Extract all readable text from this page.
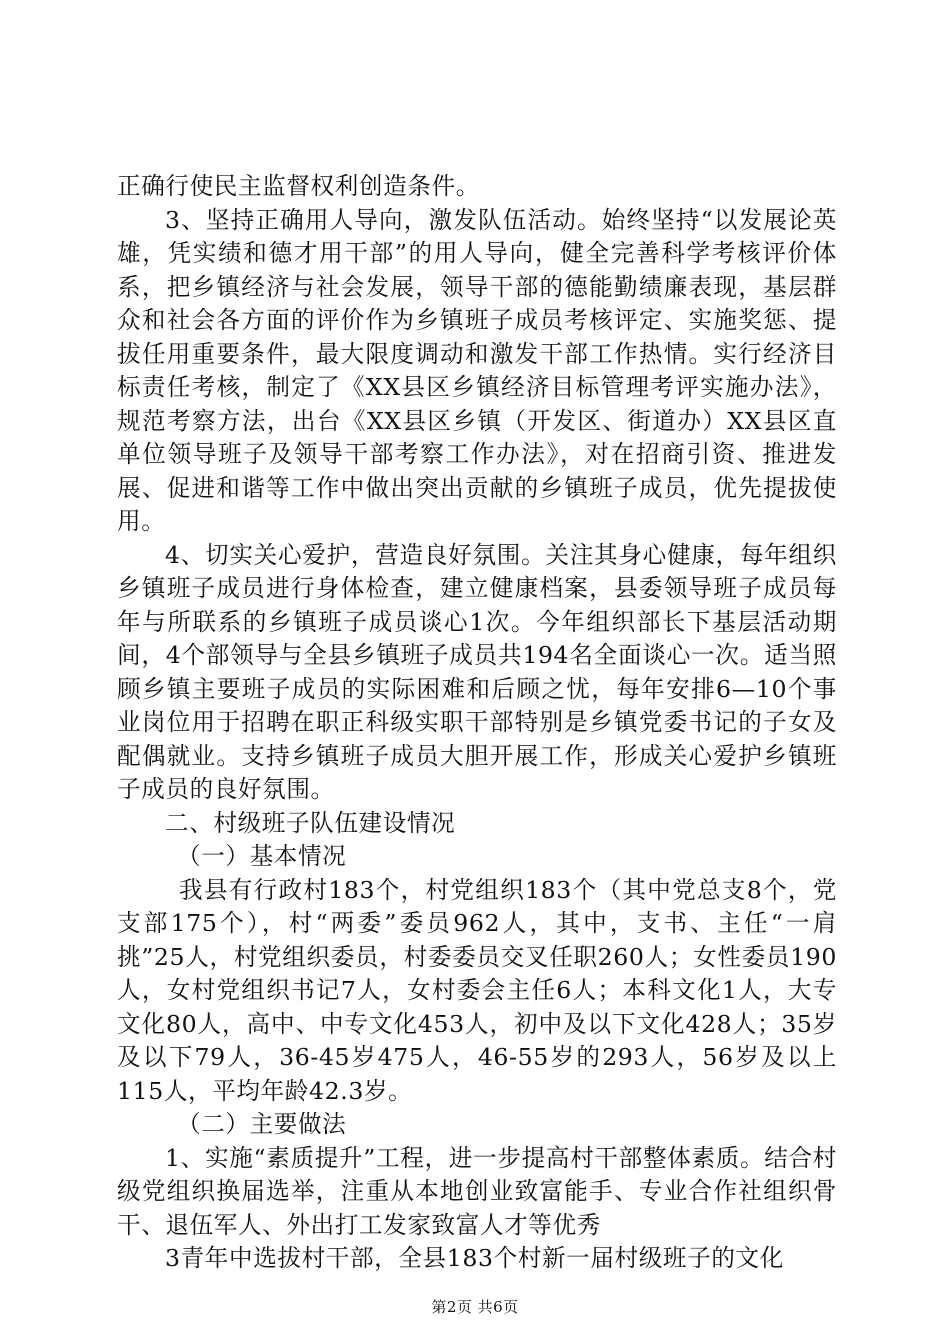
正确行使民主监督权利创造条件。

3、坚持正确用人导向，激发队伍活动。始终坚持“以发展论英雄，凭实绩和德才用干部”的用人导向，健全完善科学考核评价体系，把乡镇经济与社会发展，领导干部的德能勤绩廉表现，基层群众和社会各方面的评价作为乡镇班子成员考核评定、实施奖惩、提拔任用重要条件，最大限度调动和激发干部工作热情。实行经济目标责任考核，制定了《XX县区乡镇经济目标管理考评实施办法》，规范考察方法，出台《XX县区乡镇（开发区、街道办）XX县区直单位领导班子及领导干部考察工作办法》，对在招商引资、推进发展、促进和谐等工作中做出突出贡献的乡镇班子成员，优先提拔使用。

4、切实关心爱护，营造良好氛围。关注其身心健康，每年组织乡镇班子成员进行身体检查，建立健康档案，县委领导班子成员每年与所联系的乡镇班子成员谈心1次。今年组织部长下基层活动期间，4个部领导与全县乡镇班子成员共194名全面谈心一次。适当照顾乡镇主要班子成员的实际困难和后顾之忧，每年安排6—10个事业岗位用于招聘在职正科级实职干部特别是乡镇党委书记的子女及配偶就业。支持乡镇班子成员大胆开展工作，形成关心爱护乡镇班子成员的良好氛围。

二、村级班子队伍建设情况

（一）基本情况

我县有行政村183个，村党组织183个（其中党总支8个，党支部175个），村“两委”委员962人，其中，支书、主任“一肩挑”25人，村党组织委员，村委委员交叉任职260人；女性委员190人，女村党组织书记7人，女村委会主任6人；本科文化1人，大专文化80人，高中、中专文化453人，初中及以下文化428人；35岁及以下79人，36-45岁475人，46-55岁的293人，56岁及以上115人，平均年龄42.3岁。

（二）主要做法

1、实施“素质提升”工程，进一步提高村干部整体素质。结合村级党组织换届选举，注重从本地创业致富能手、专业合作社组织骨干、退伍军人、外出打工发家致富人才等优秀

3青年中选拔村干部，全县183个村新一届村级班子的文化

第2页 共6页
